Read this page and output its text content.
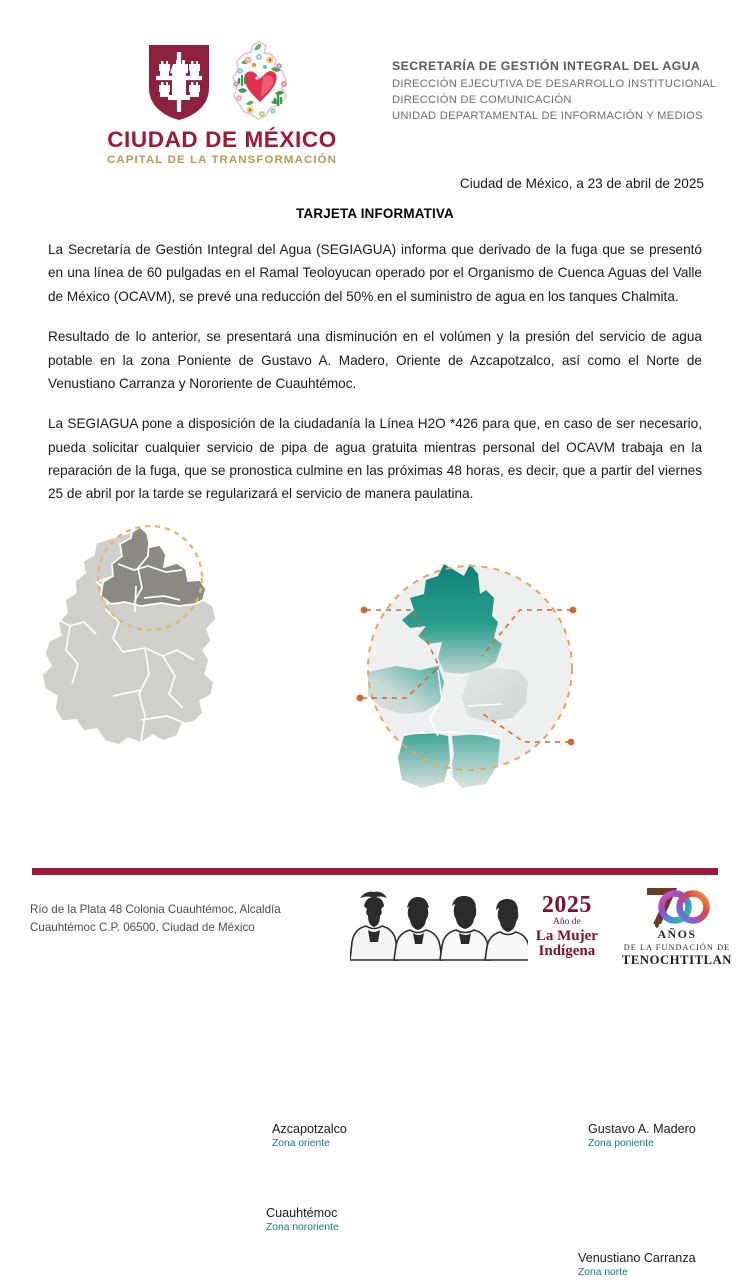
CIUDAD DE MÉXICO
CAPITAL DE LA TRANSFORMACIÓN
SECRETARÍA DE GESTIÓN INTEGRAL DEL AGUA
DIRECCIÓN EJECUTIVA DE DESARROLLO INSTITUCIONAL
DIRECCIÓN DE COMUNICACIÓN
UNIDAD DEPARTAMENTAL DE INFORMACIÓN Y MEDIOS
Ciudad de México, a 23 de abril de 2025
TARJETA INFORMATIVA

La Secretaría de Gestión Integral del Agua (SEGIAGUA) informa que derivado de la fuga que se presentó en una línea de 60 pulgadas en el Ramal Teoloyucan operado por el Organismo de Cuenca Aguas del Valle de México (OCAVM), se prevé una reducción del 50% en el suministro de agua en los tanques Chalmita.

Resultado de lo anterior, se presentará una disminución en el volúmen y la presión del servicio de agua potable en la zona Poniente de Gustavo A. Madero, Oriente de Azcapotzalco, así como el Norte de Venustiano Carranza y Nororiente de Cuauhtémoc.

La SEGIAGUA pone a disposición de la ciudadanía la Línea H2O *426 para que, en caso de ser necesario, pueda solicitar cualquier servicio de pipa de agua gratuita mientras personal del OCAVM trabaja en la reparación de la fuga, que se pronostica culmine en las próximas 48 horas, es decir, que a partir del viernes 25 de abril por la tarde se regularizará el servicio de manera paulatina.

Azcapotzalco
Zona oriente
Cuauhtémoc
Zona nororiente
Gustavo A. Madero
Zona poniente
Venustiano Carranza
Zona norte
Río de la Plata 48 Colonia Cuauhtémoc, Alcaldía
Cuauhtémoc C.P. 06500, Ciudad de México
2025
Año de
La Mujer
Indígena
AÑOS
DE LA FUNDACIÓN DE
TENOCHTITLAN
